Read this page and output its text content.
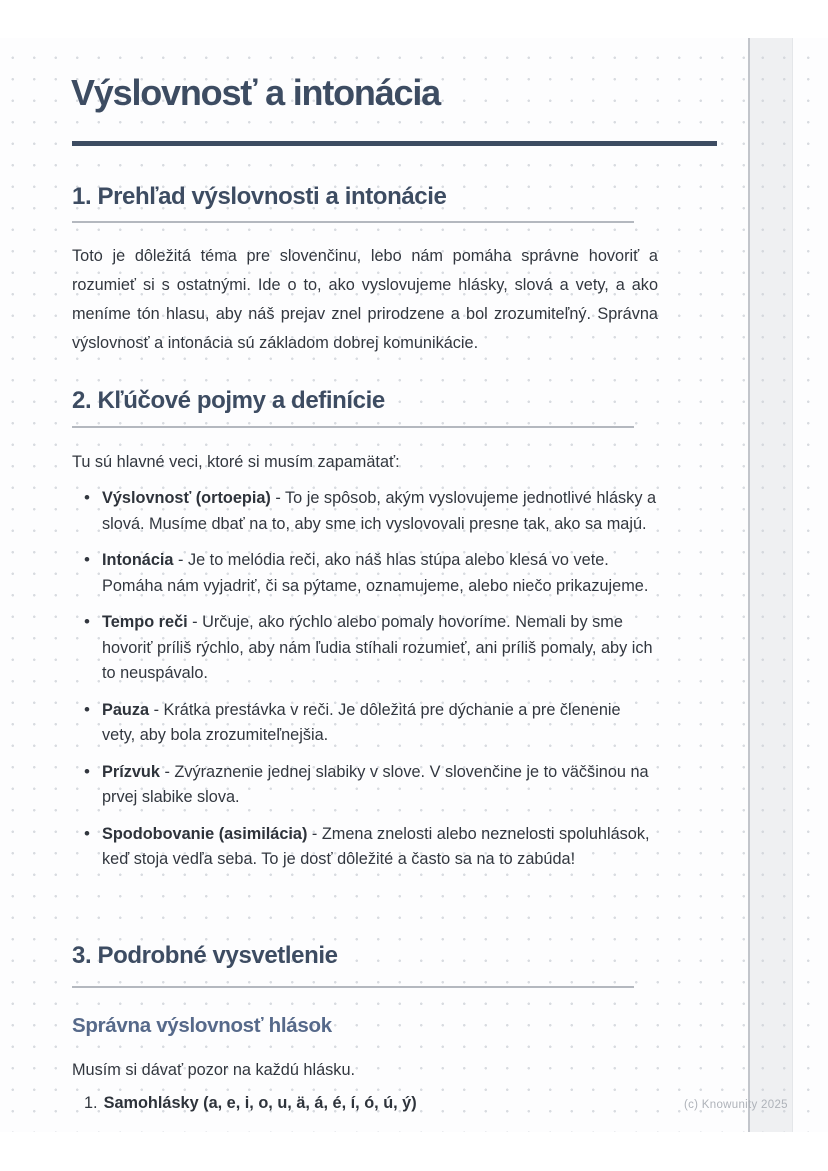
Výslovnosť a intonácia
1. Prehľad výslovnosti a intonácie

Toto je dôležitá téma pre slovenčinu, lebo nám pomáha správne hovoriť a rozumieť si s ostatnými. Ide o to, ako vyslovujeme hlásky, slová a vety, a ako meníme tón hlasu, aby náš prejav znel prirodzene a bol zrozumiteľný. Správna výslovnosť a intonácia sú základom dobrej komunikácie.

2. Kľúčové pojmy a definície

Tu sú hlavné veci, ktoré si musím zapamätať:

• Výslovnosť (ortoepia) - To je spôsob, akým vyslovujeme jednotlivé hlásky a slová. Musíme dbať na to, aby sme ich vyslovovali presne tak, ako sa majú.
• Intonácia - Je to melódia reči, ako náš hlas stúpa alebo klesá vo vete. Pomáha nám vyjadriť, či sa pýtame, oznamujeme, alebo niečo prikazujeme.
• Tempo reči - Určuje, ako rýchlo alebo pomaly hovoríme. Nemali by sme hovoriť príliš rýchlo, aby nám ľudia stíhali rozumieť, ani príliš pomaly, aby ich to neuspávalo.
• Pauza - Krátka prestávka v reči. Je dôležitá pre dýchanie a pre členenie vety, aby bola zrozumiteľnejšia.
• Prízvuk - Zvýraznenie jednej slabiky v slove. V slovenčine je to väčšinou na prvej slabike slova.
• Spodobovanie (asimilácia) - Zmena znelosti alebo neznelosti spoluhlások, keď stoja vedľa seba. To je dosť dôležité a často sa na to zabúda!
3. Podrobné vysvetlenie
Správna výslovnosť hlások

Musím si dávať pozor na každú hlásku.

1. Samohlásky (a, e, i, o, u, ä, á, é, í, ó, ú, ý)	(c) Knowunity 2025
